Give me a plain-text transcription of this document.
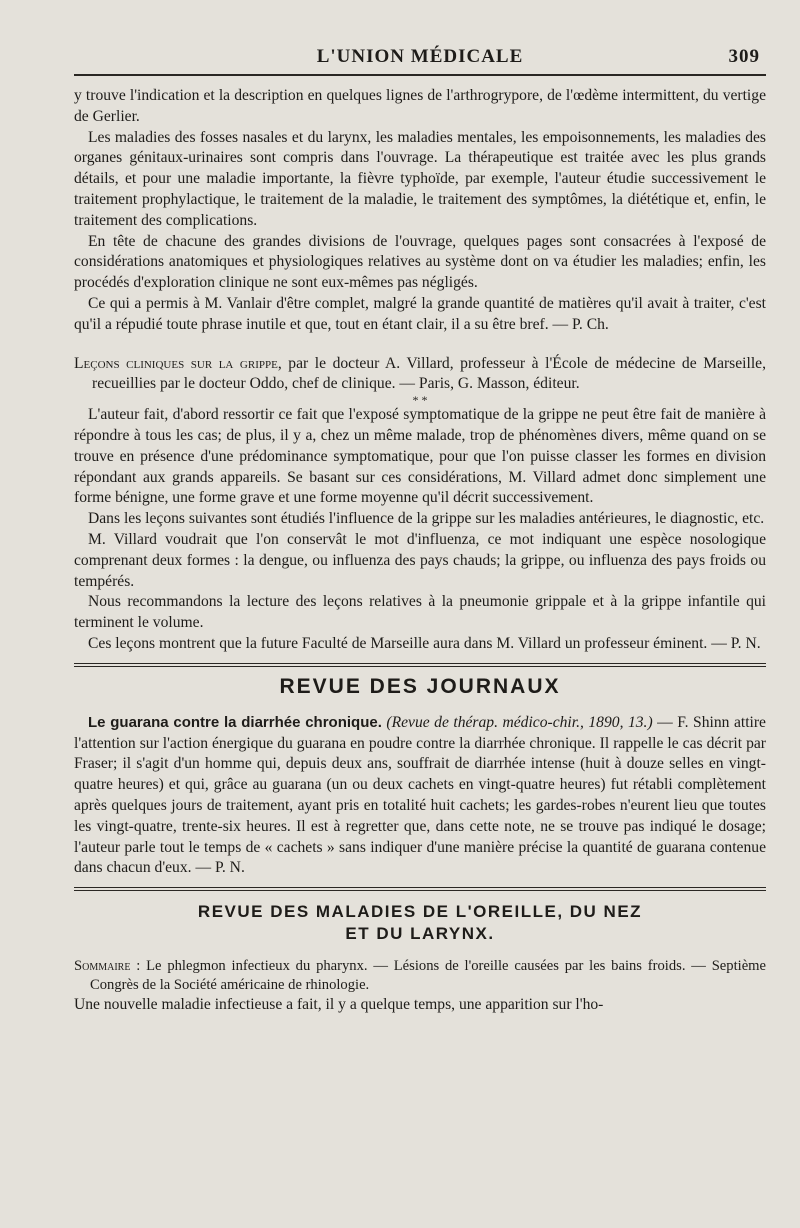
L'UNION MÉDICALE	309

y trouve l'indication et la description en quelques lignes de l'arthrogrypore, de l'œdème intermittent, du vertige de Gerlier.

Les maladies des fosses nasales et du larynx, les maladies mentales, les empoisonnements, les maladies des organes génitaux-urinaires sont compris dans l'ouvrage. La thérapeutique est traitée avec les plus grands détails, et pour une maladie importante, la fièvre typhoïde, par exemple, l'auteur étudie successivement le traitement prophylactique, le traitement de la maladie, le traitement des symptômes, la diététique et, enfin, le traitement des complications.

En tête de chacune des grandes divisions de l'ouvrage, quelques pages sont consacrées à l'exposé de considérations anatomiques et physiologiques relatives au système dont on va étudier les maladies; enfin, les procédés d'exploration clinique ne sont eux-mêmes pas négligés.

Ce qui a permis à M. Vanlair d'être complet, malgré la grande quantité de matières qu'il avait à traiter, c'est qu'il a répudié toute phrase inutile et que, tout en étant clair, il a su être bref. — P. Ch.

Leçons cliniques sur la grippe, par le docteur A. Villard, professeur à l'École de médecine de Marseille, recueillies par le docteur Oddo, chef de clinique. — Paris, G. Masson, éditeur.

* *

L'auteur fait, d'abord ressortir ce fait que l'exposé symptomatique de la grippe ne peut être fait de manière à répondre à tous les cas; de plus, il y a, chez un même malade, trop de phénomènes divers, même quand on se trouve en présence d'une prédominance symptomatique, pour que l'on puisse classer les formes en division répondant aux grands appareils. Se basant sur ces considérations, M. Villard admet donc simplement une forme bénigne, une forme grave et une forme moyenne qu'il décrit successivement.

Dans les leçons suivantes sont étudiés l'influence de la grippe sur les maladies antérieures, le diagnostic, etc.

M. Villard voudrait que l'on conservât le mot d'influenza, ce mot indiquant une espèce nosologique comprenant deux formes : la dengue, ou influenza des pays chauds; la grippe, ou influenza des pays froids ou tempérés.

Nous recommandons la lecture des leçons relatives à la pneumonie grippale et à la grippe infantile qui terminent le volume.

Ces leçons montrent que la future Faculté de Marseille aura dans M. Villard un professeur éminent. — P. N.

REVUE DES JOURNAUX

Le guarana contre la diarrhée chronique. (Revue de thérap. médico-chir., 1890, 13.) — F. Shinn attire l'attention sur l'action énergique du guarana en poudre contre la diarrhée chronique. Il rappelle le cas décrit par Fraser; il s'agit d'un homme qui, depuis deux ans, souffrait de diarrhée intense (huit à douze selles en vingt-quatre heures) et qui, grâce au guarana (un ou deux cachets en vingt-quatre heures) fut rétabli complètement après quelques jours de traitement, ayant pris en totalité huit cachets; les gardes-robes n'eurent lieu que toutes les vingt-quatre, trente-six heures. Il est à regretter que, dans cette note, ne se trouve pas indiqué le dosage; l'auteur parle tout le temps de « cachets » sans indiquer d'une manière précise la quantité de guarana contenue dans chacun d'eux. — P. N.

REVUE DES MALADIES DE L'OREILLE, DU NEZ
ET DU LARYNX.

Sommaire : Le phlegmon infectieux du pharynx. — Lésions de l'oreille causées par les bains froids. — Septième Congrès de la Société américaine de rhinologie.

Une nouvelle maladie infectieuse a fait, il y a quelque temps, une apparition sur l'ho-
